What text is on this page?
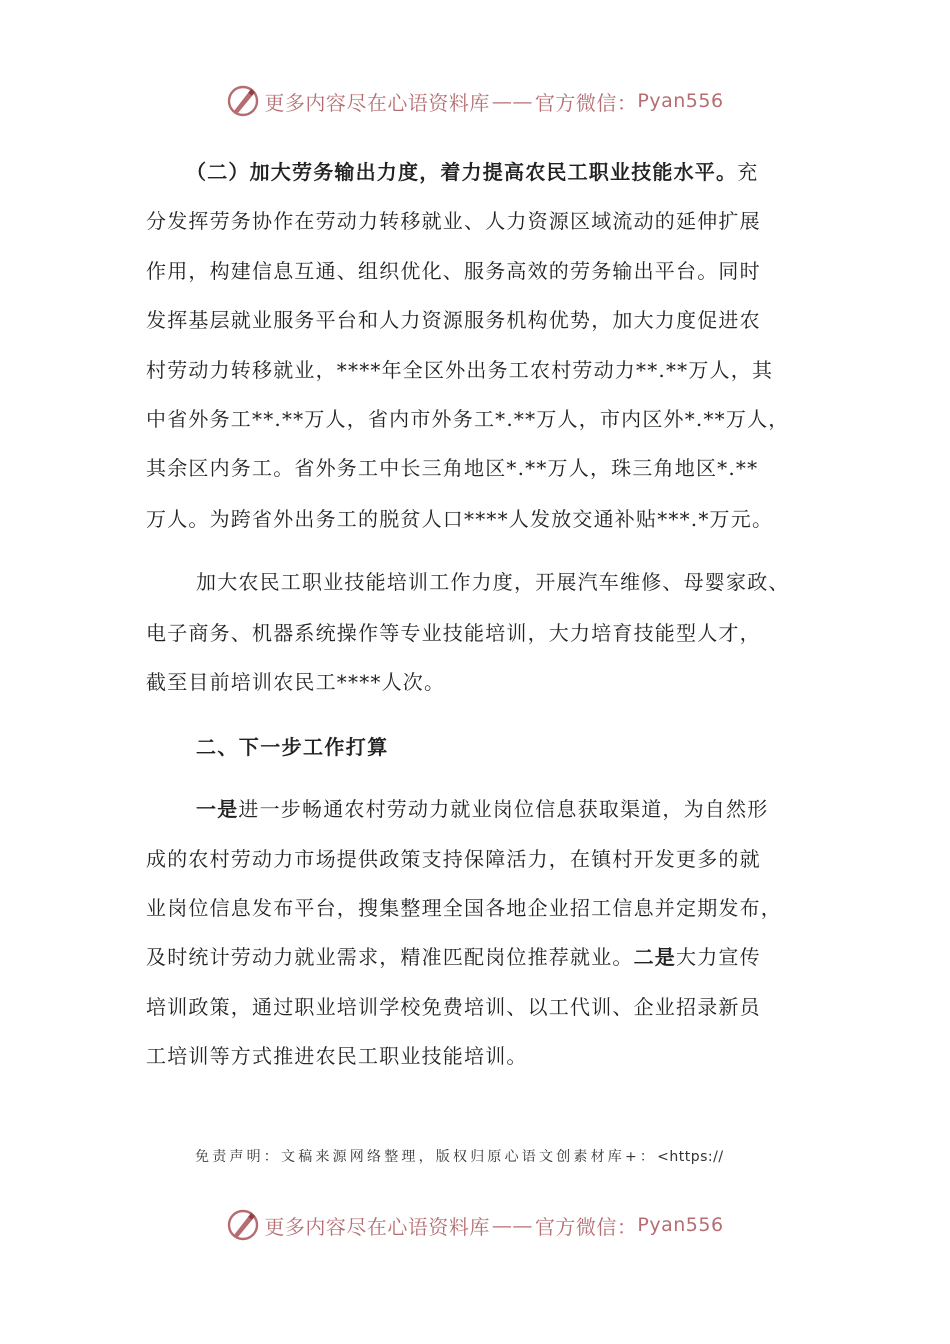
更多内容尽在心语资料库 —— 官方微信： Pyan556
（二）加大劳务输出力度，着力提高农民工职业技能水平。充
分发挥劳务协作在劳动力转移就业、人力资源区域流动的延伸扩展
作用，构建信息互通、组织优化、服务高效的劳务输出平台。同时
发挥基层就业服务平台和人力资源服务机构优势，加大力度促进农
村劳动力转移就业，****年全区外出务工农村劳动力**.**万人，其
中省外务工**.**万人，省内市外务工*.**万人，市内区外*.**万人，
其余区内务工。省外务工中长三角地区*.**万人，珠三角地区*.**
万人。为跨省外出务工的脱贫人口****人发放交通补贴***.*万元。
加大农民工职业技能培训工作力度，开展汽车维修、母婴家政、
电子商务、机器系统操作等专业技能培训，大力培育技能型人才，
截至目前培训农民工****人次。
二、下一步工作打算
一是进一步畅通农村劳动力就业岗位信息获取渠道，为自然形
成的农村劳动力市场提供政策支持保障活力，在镇村开发更多的就
业岗位信息发布平台，搜集整理全国各地企业招工信息并定期发布，
及时统计劳动力就业需求，精准匹配岗位推荐就业。二是大力宣传
培训政策，通过职业培训学校免费培训、以工代训、企业招录新员
工培训等方式推进农民工职业技能培训。
免责声明：文稿来源网络整理，版权归原心语文创素材库+：<https://
更多内容尽在心语资料库 —— 官方微信： Pyan556
